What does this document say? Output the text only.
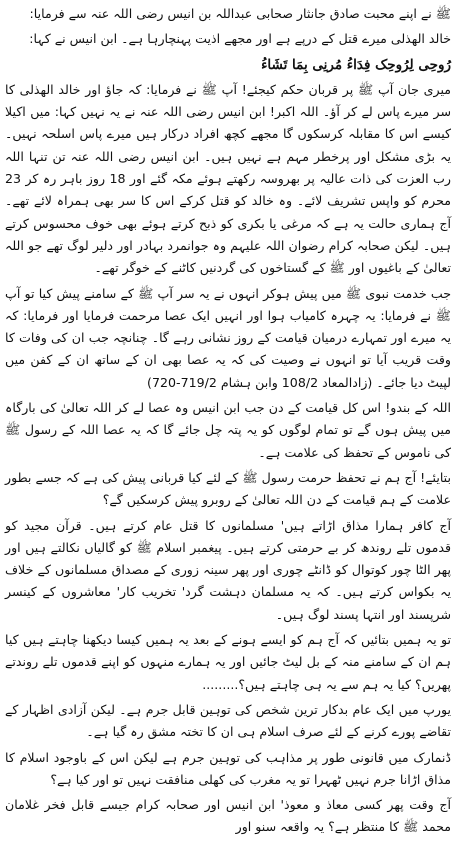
ﷺ نے اپنے محبت صادق جانثار صحابی عبداللہ بن انیس رضی اللہ عنہ سے فرمایا:

خالد الھذلی میرے قتل کے درپے ہے اور مجھے اذیت پہنچارہا ہے۔ ابن انیس نے کہا:

رُوحِی لِرُوحِک فِدَاءُ مُرنِی بِمَا تَشَاءُ

میری جان آپ ﷺ پر قربان حکم کیجئے! آپ ﷺ نے فرمایا: کہ جاؤ اور خالد الھذلی کا سر میرے پاس لے کر آؤ۔ اللہ اکبر! ابن انیس رضی اللہ عنہ نے یہ نہیں کہا: میں اکیلا کیسے اس کا مقابلہ کرسکوں گا مجھے کچھ افراد درکار ہیں میرے پاس اسلحہ نہیں۔ یہ بڑی مشکل اور پرخطر مہم ہے نہیں ہیں۔ ابن انیس رضی اللہ عنہ تن تنہا اللہ رب العزت کی ذات عالیہ پر بھروسہ رکھتے ہوئے مکہ گئے اور 18 روز باہر رہ کر 23 محرم کو واپس تشریف لائے۔ وہ خالد کو قتل کرکے اس کا سر بھی ہمراہ لائے تھے۔ آج ہماری حالت یہ ہے کہ مرغی یا بکری کو ذبح کرتے ہوئے بھی خوف محسوس کرتے ہیں۔ لیکن صحابہ کرام رضوان اللہ علیہم وہ جوانمرد بہادر اور دلیر لوگ تھے جو اللہ تعالیٰ کے باغیوں اور ﷺ کے گستاخوں کی گردنیں کاٹنے کے خوگر تھے۔

جب خدمت نبوی ﷺ میں پیش ہوکر انہوں نے یہ سر آپ ﷺ کے سامنے پیش کیا تو آپ ﷺ نے فرمایا: یہ چہرہ کامیاب ہوا اور انہیں ایک عصا مرحمت فرمایا اور فرمایا: کہ یہ میرے اور تمہارے درمیان قیامت کے روز نشانی رہے گا۔ چنانچہ جب ان کی وفات کا وقت قریب آیا تو انہوں نے وصیت کی کہ یہ عصا بھی ان کے ساتھ ان کے کفن میں لپیٹ دیا جائے۔ (زادالمعاد 108/2 وابن ہشام 719/2-720)

اللہ کے بندو! اس کل قیامت کے دن جب ابن انیس وہ عصا لے کر اللہ تعالیٰ کی بارگاہ میں پیش ہوں گے تو تمام لوگوں کو یہ پتہ چل جائے گا کہ یہ عصا اللہ کے رسول ﷺ کی ناموس کے تحفظ کی علامت ہے۔

بتایئے! آج ہم نے تحفظ حرمت رسول ﷺ کے لئے کیا قربانی پیش کی ہے کہ جسے بطور علامت کے ہم قیامت کے دن اللہ تعالیٰ کے روبرو پیش کرسکیں گے؟

آج کافر ہمارا مذاق اڑاتے ہیں' مسلمانوں کا قتل عام کرتے ہیں۔ قرآن مجید کو قدموں تلے روندھ کر بے حرمتی کرتے ہیں۔ پیغمبر اسلام ﷺ کو گالیاں نکالتے ہیں اور پھر الٹا چور کوتوال کو ڈانٹے چوری اور پھر سینہ زوری کے مصداق مسلمانوں کے خلاف یہ بکواس کرتے ہیں۔ کہ یہ مسلمان دہشت گرد' تخریب کار' معاشروں کے کینسر شرپسند اور انتہا پسند لوگ ہیں۔

تو یہ ہمیں بتائیں کہ آج ہم کو ایسے ہونے کے بعد یہ ہمیں کیسا دیکھنا چاہتے ہیں کیا ہم ان کے سامنے منہ کے بل لیٹ جائیں اور یہ ہمارے منہوں کو اپنے قدموں تلے روندتے پھریں؟ کیا یہ ہم سے یہ ہی چاہتے ہیں؟.........

یورپ میں ایک عام بدکار ترین شخص کی توہین قابل جرم ہے۔ لیکن آزادی اظہار کے تقاضے پورے کرنے کے لئے صرف اسلام ہی ان کا تختہ مشق رہ گیا ہے۔

ڈنمارک میں قانونی طور پر مذاہب کی توہین جرم ہے لیکن اس کے باوجود اسلام کا مذاق اڑانا جرم نہیں ٹھہرا تو یہ مغرب کی کھلی منافقت نہیں تو اور کیا ہے؟

آج وقت پھر کسی معاذ و معوذ' ابن انیس اور صحابہ کرام جیسے قابل فخر غلامان محمد ﷺ کا منتظر ہے؟ یہ واقعہ سنو اور
